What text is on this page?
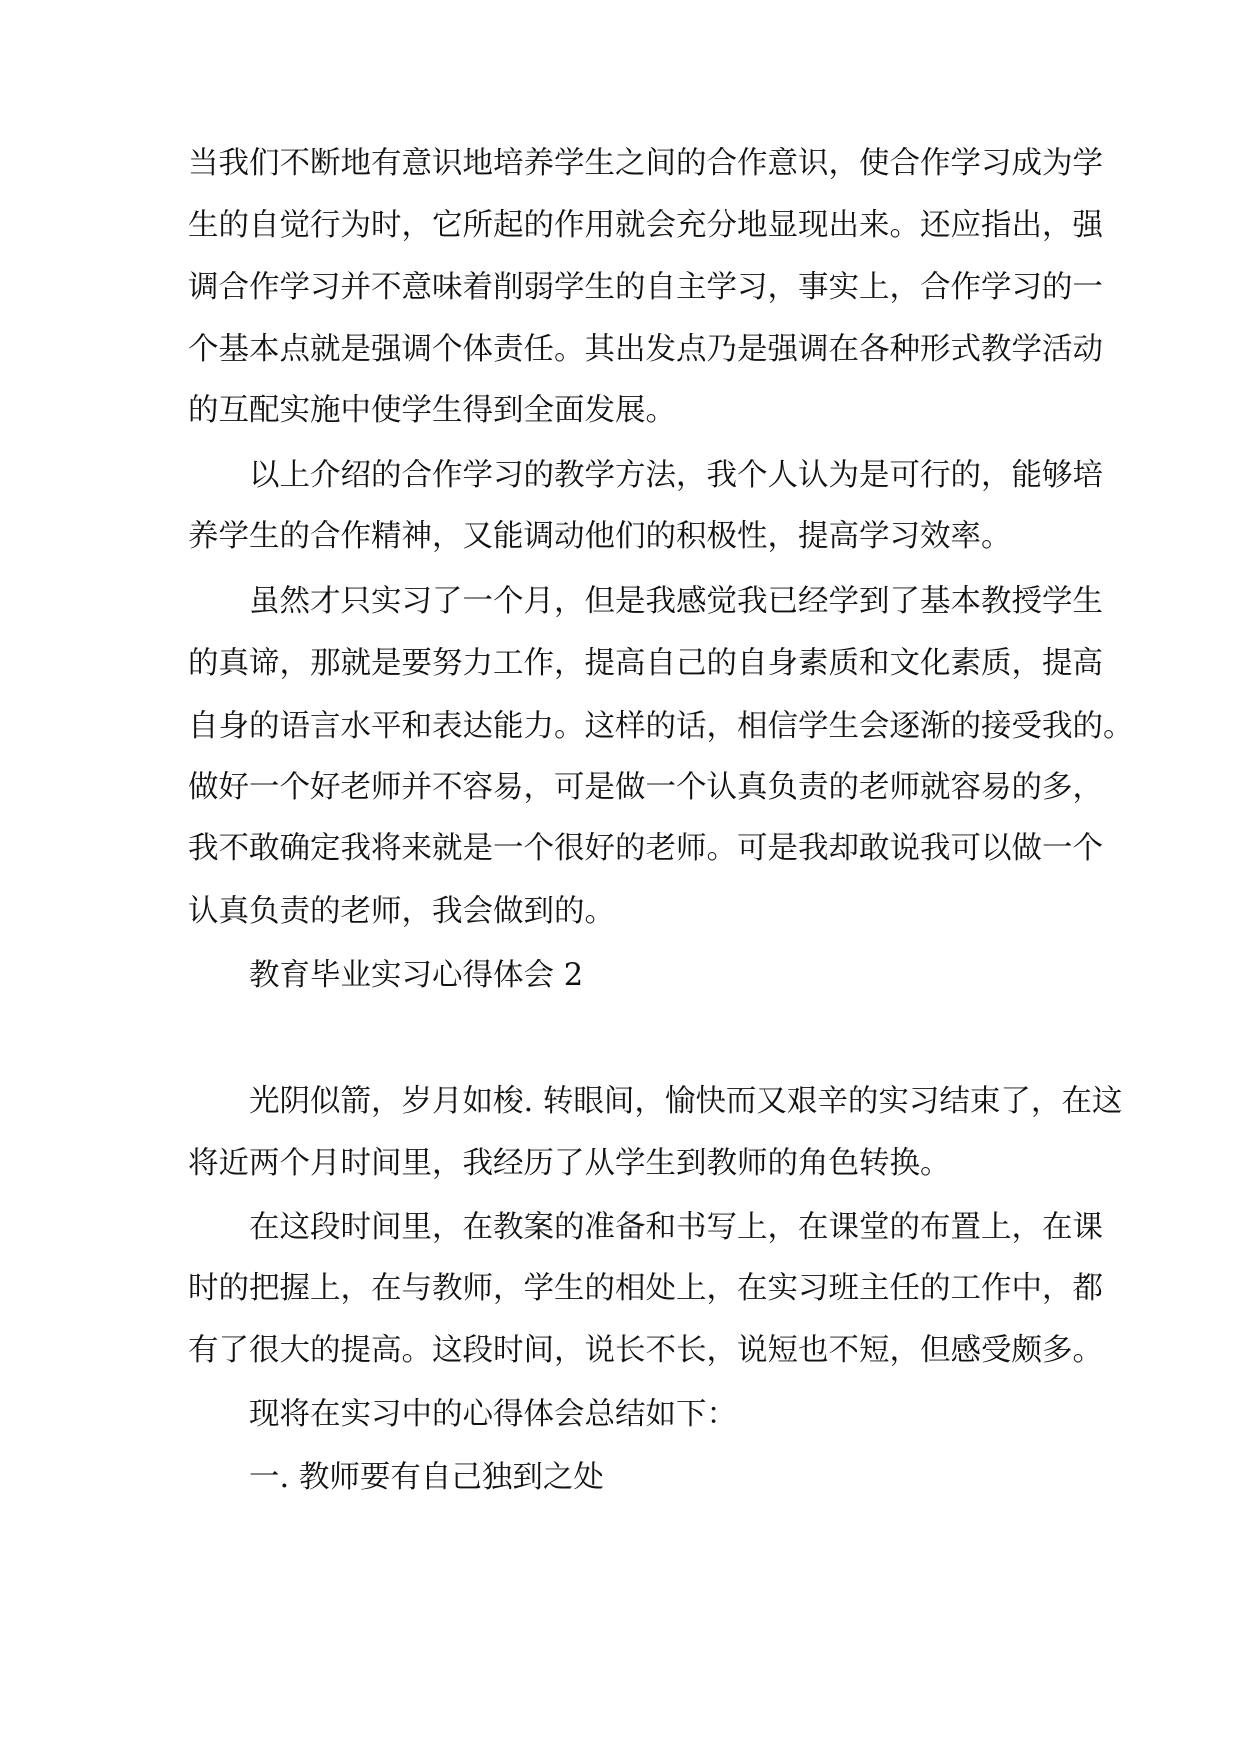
当我们不断地有意识地培养学生之间的合作意识，使合作学习成为学
生的自觉行为时，它所起的作用就会充分地显现出来。还应指出，强
调合作学习并不意味着削弱学生的自主学习，事实上，合作学习的一
个基本点就是强调个体责任。其出发点乃是强调在各种形式教学活动
的互配实施中使学生得到全面发展。
以上介绍的合作学习的教学方法，我个人认为是可行的，能够培
养学生的合作精神，又能调动他们的积极性，提高学习效率。
虽然才只实习了一个月，但是我感觉我已经学到了基本教授学生
的真谛，那就是要努力工作，提高自己的自身素质和文化素质，提高
自身的语言水平和表达能力。这样的话，相信学生会逐渐的接受我的。
做好一个好老师并不容易，可是做一个认真负责的老师就容易的多，
我不敢确定我将来就是一个很好的老师。可是我却敢说我可以做一个
认真负责的老师，我会做到的。
教育毕业实习心得体会 2
光阴似箭，岁月如梭. 转眼间，愉快而又艰辛的实习结束了，在这
将近两个月时间里，我经历了从学生到教师的角色转换。
在这段时间里，在教案的准备和书写上，在课堂的布置上，在课
时的把握上，在与教师，学生的相处上，在实习班主任的工作中，都
有了很大的提高。这段时间，说长不长，说短也不短，但感受颇多。
现将在实习中的心得体会总结如下：
一. 教师要有自己独到之处
